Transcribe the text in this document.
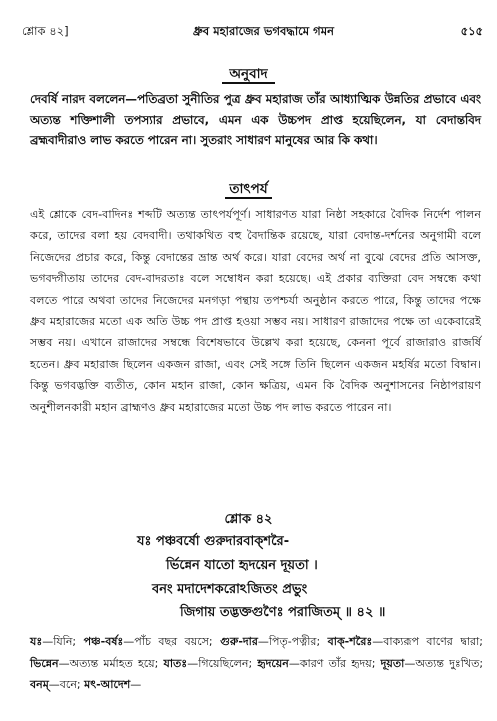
শ্লোক ৪২]	ধ্রুব মহারাজের ভগবদ্ধামে গমন	৫১৫
অনুবাদ
দেবর্ষি নারদ বললেন—পতিব্রতা সুনীতির পুত্র ধ্রুব মহারাজ তাঁর আধ্যাত্মিক উন্নতির প্রভাবে এবং অত্যন্ত শক্তিশালী তপস্যার প্রভাবে, এমন এক উচ্চপদ প্রাপ্ত হয়েছিলেন, যা বেদান্তবিদ ব্রহ্মবাদীরাও লাভ করতে পারেন না। সুতরাং সাধারণ মানুষের আর কি কথা।
তাৎপর্য
এই শ্লোকে বেদ-বাদিনঃ শব্দটি অত্যন্ত তাৎপর্যপূর্ণ। সাধারণত যারা নিষ্ঠা সহকারে বৈদিক নির্দেশ পালন করে, তাদের বলা হয় বেদবাদী। তথাকথিত বহু বৈদান্তিক রয়েছে, যারা বেদান্ত-দর্শনের অনুগামী বলে নিজেদের প্রচার করে, কিন্তু বেদান্তের ভ্রান্ত অর্থ করে। যারা বেদের অর্থ না বুঝে বেদের প্রতি আসক্ত, ভগবদ্গীতায় তাদের বেদ-বাদরতাঃ বলে সম্বোধন করা হয়েছে। এই প্রকার ব্যক্তিরা বেদ সম্বন্ধে কথা বলতে পারে অথবা তাদের নিজেদের মনগড়া পন্থায় তপশ্চর্যা অনুষ্ঠান করতে পারে, কিন্তু তাদের পক্ষে ধ্রুব মহারাজের মতো এক অতি উচ্চ পদ প্রাপ্ত হওয়া সম্ভব নয়। সাধারণ রাজাদের পক্ষে তা একেবারেই সম্ভব নয়। এখানে রাজাদের সম্বন্ধে বিশেষভাবে উল্লেখ করা হয়েছে, কেননা পূর্বে রাজারাও রাজর্ষি হতেন। ধ্রুব মহারাজ ছিলেন একজন রাজা, এবং সেই সঙ্গে তিনি ছিলেন একজন মহর্ষির মতো বিদ্বান। কিন্তু ভগবদ্ভক্তি ব্যতীত, কোন মহান রাজা, কোন ক্ষত্রিয়, এমন কি বৈদিক অনুশাসনের নিষ্ঠাপরায়ণ অনুশীলনকারী মহান ব্রাহ্মণও ধ্রুব মহারাজের মতো উচ্চ পদ লাভ করতে পারেন না।
শ্লোক ৪২
যঃ পঞ্চবর্ষো গুরুদারবাক্শরৈ-
র্ভিন্নেন যাতো হৃদয়েন দূয়তা ।
বনং মদাদেশকরোঽজিতং প্রভুং
জিগায় তদ্ভক্তগুণৈঃ পরাজিতম্ ॥ ৪২ ॥
যঃ—যিনি; পঞ্চ-বর্ষঃ—পাঁচ বছর বয়সে; গুরু-দার—পিতৃ-পত্নীর; বাক্-শরৈঃ—বাক্যরূপ বাণের দ্বারা; ভিন্নেন—অত্যন্ত মর্মাহত হয়ে; যাতঃ—গিয়েছিলেন; হৃদয়েন—কারণ তাঁর হৃদয়; দূয়তা—অত্যন্ত দুঃখিত; বনম্—বনে; মৎ-আদেশ—
